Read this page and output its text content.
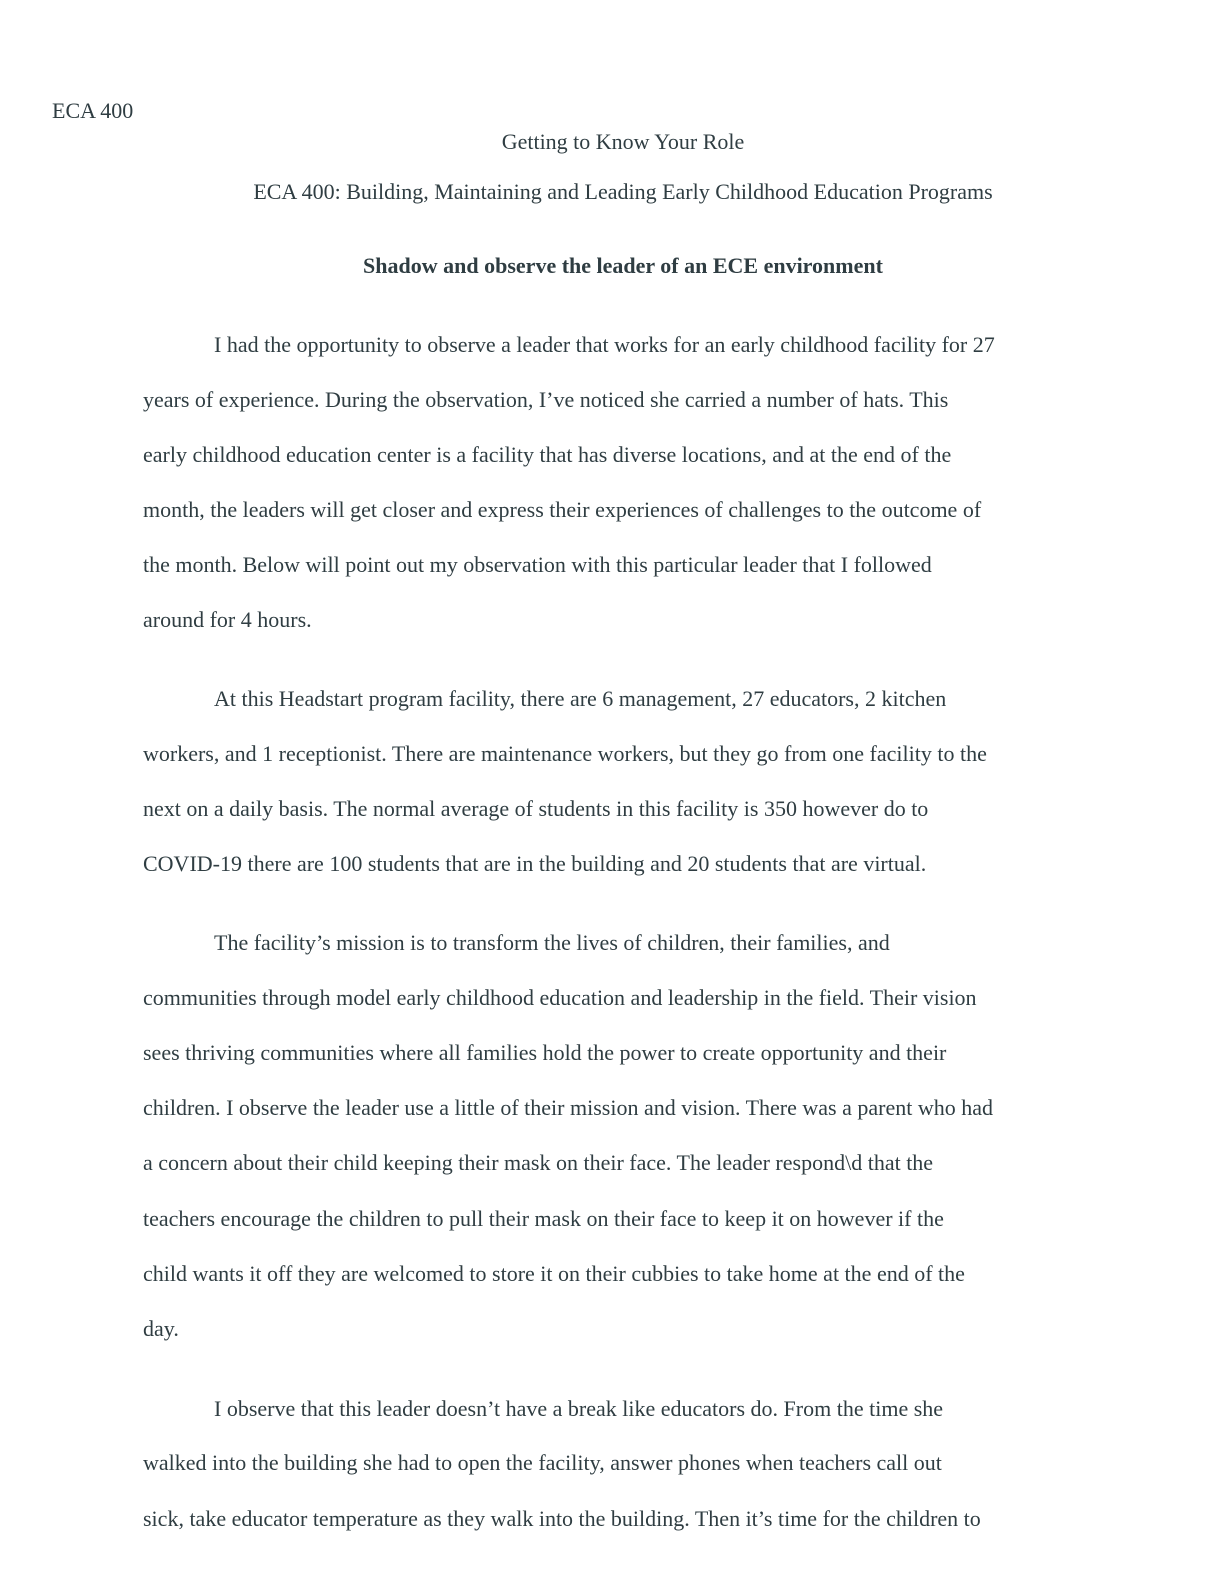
ECA 400
Getting to Know Your Role
ECA 400: Building, Maintaining and Leading Early Childhood Education Programs
Shadow and observe the leader of an ECE environment
I had the opportunity to observe a leader that works for an early childhood facility for 27
years of experience. During the observation, I’ve noticed she carried a number of hats. This
early childhood education center is a facility that has diverse locations, and at the end of the
month, the leaders will get closer and express their experiences of challenges to the outcome of
the month. Below will point out my observation with this particular leader that I followed
around for 4 hours.
At this Headstart program facility, there are 6 management, 27 educators, 2 kitchen
workers, and 1 receptionist. There are maintenance workers, but they go from one facility to the
next on a daily basis. The normal average of students in this facility is 350 however do to
COVID-19 there are 100 students that are in the building and 20 students that are virtual.
The facility’s mission is to transform the lives of children, their families, and
communities through model early childhood education and leadership in the field. Their vision
sees thriving communities where all families hold the power to create opportunity and their
children. I observe the leader use a little of their mission and vision. There was a parent who had
a concern about their child keeping their mask on their face. The leader respond\d that the
teachers encourage the children to pull their mask on their face to keep it on however if the
child wants it off they are welcomed to store it on their cubbies to take home at the end of the
day.
I observe that this leader doesn’t have a break like educators do. From the time she
walked into the building she had to open the facility, answer phones when teachers call out
sick, take educator temperature as they walk into the building. Then it’s time for the children to
